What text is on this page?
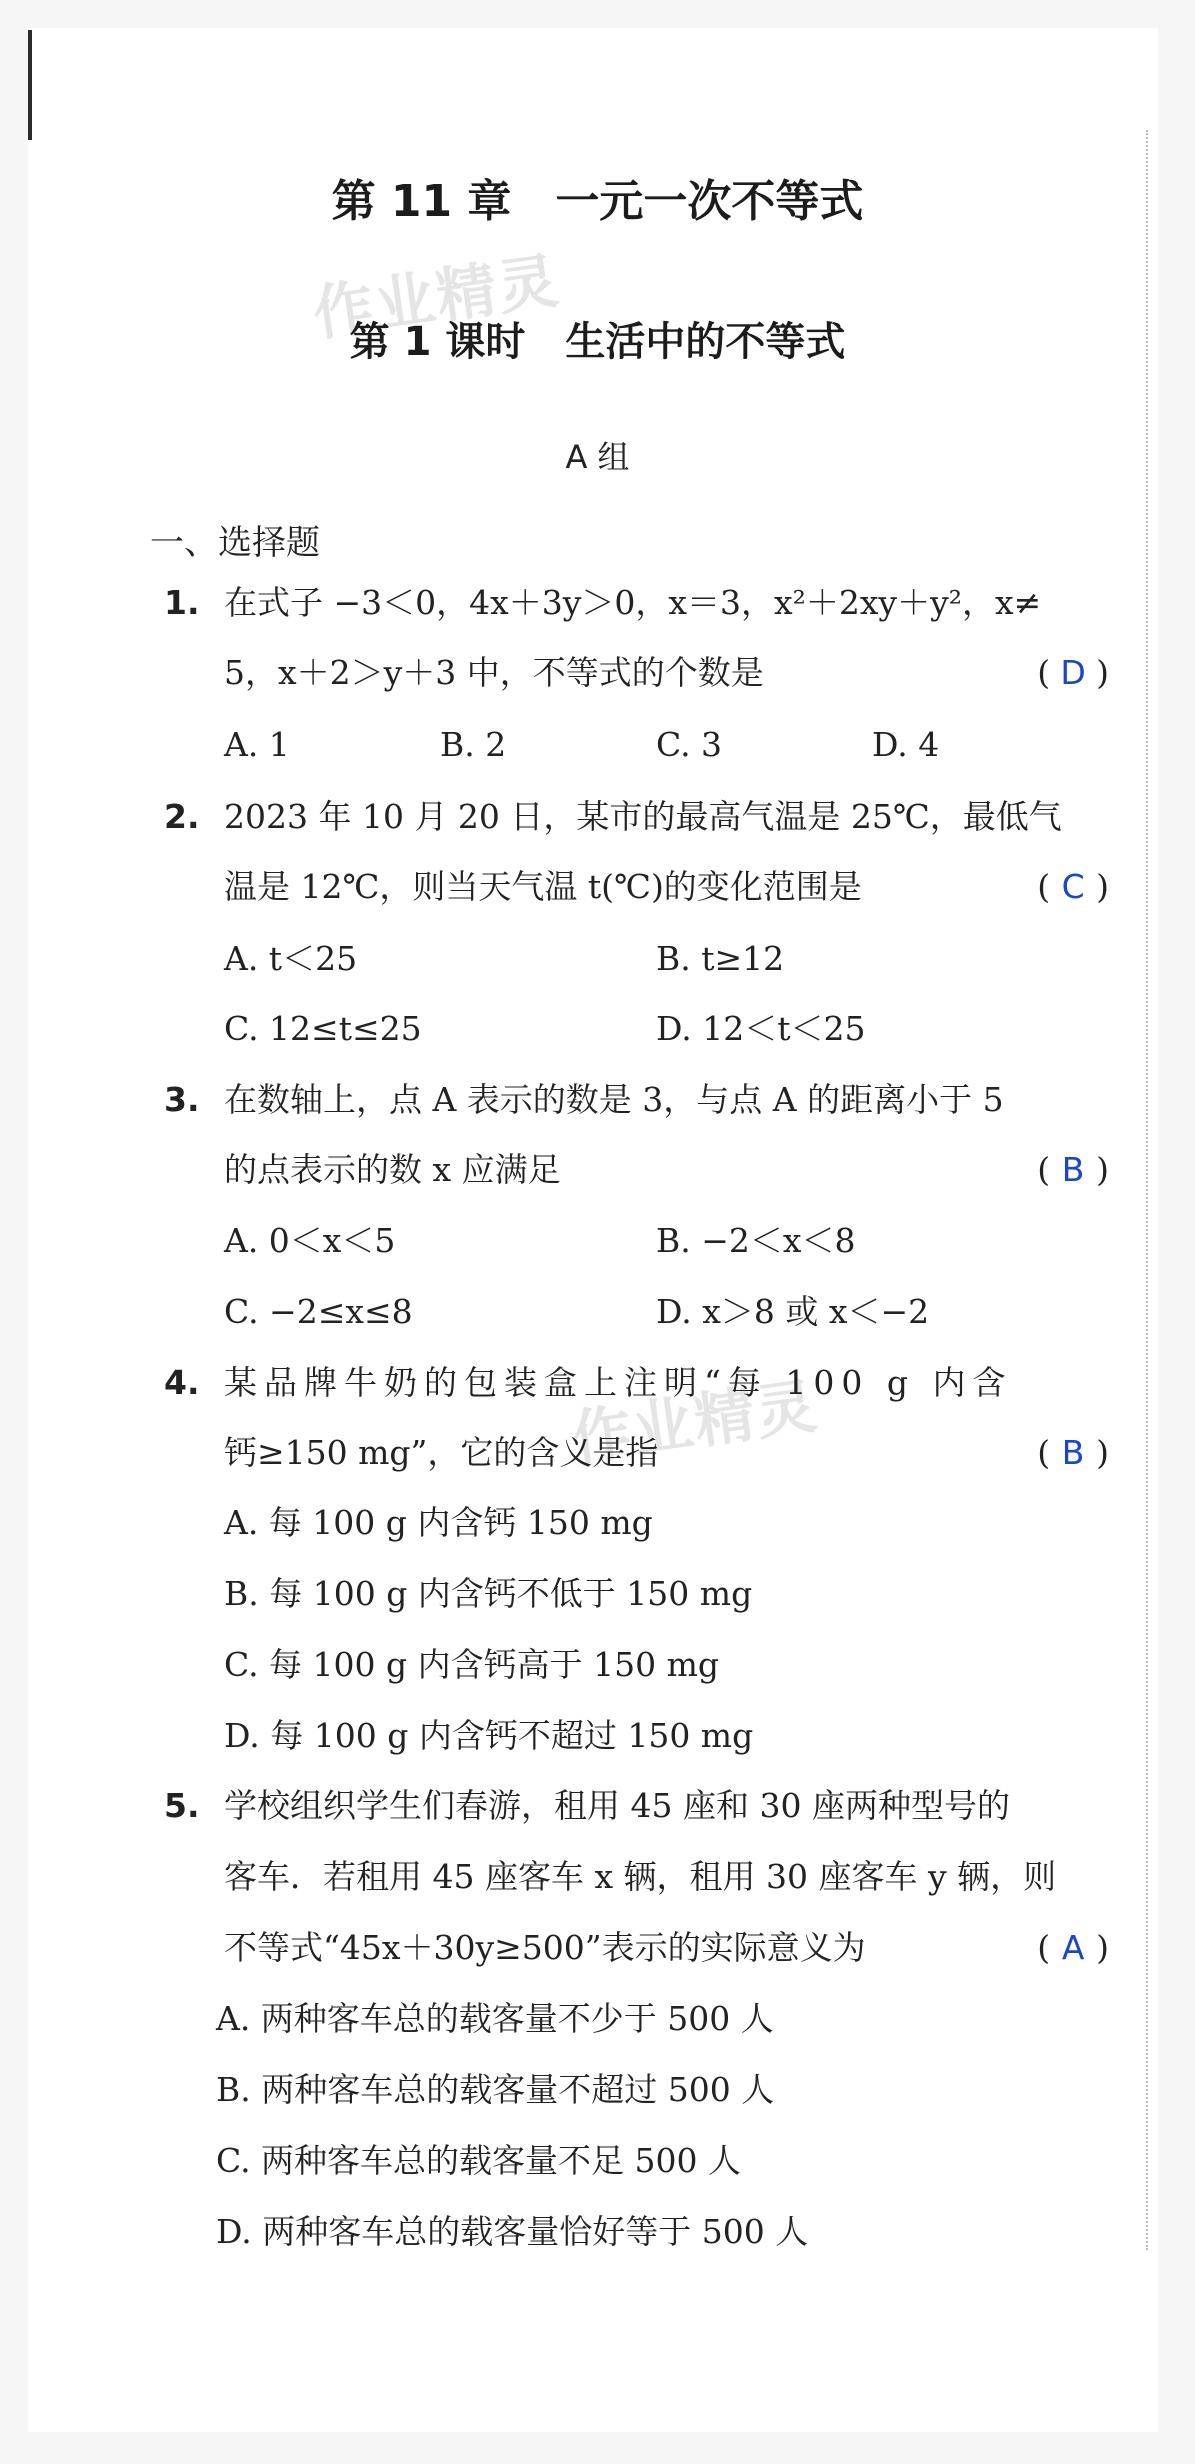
作业精灵
作业精灵
第 11 章　一元一次不等式
第 1 课时　生活中的不等式
A 组
一、选择题
1. 在式子 −3＜0，4x＋3y＞0，x＝3，x²＋2xy＋y²，x≠
5，x＋2＞y＋3 中，不等式的个数是	( D )
A. 1	B. 2	C. 3	D. 4
2. 2023 年 10 月 20 日，某市的最高气温是 25℃，最低气
温是 12℃，则当天气温 t(℃)的变化范围是	( C )
A. t＜25	B. t≥12
C. 12≤t≤25	D. 12＜t＜25
3. 在数轴上，点 A 表示的数是 3，与点 A 的距离小于 5
的点表示的数 x 应满足	( B )
A. 0＜x＜5	B. −2＜x＜8
C. −2≤x≤8	D. x＞8 或 x＜−2
4. 某品牌牛奶的包装盒上注明“每 100 g 内含
钙≥150 mg”，它的含义是指	( B )
A. 每 100 g 内含钙 150 mg
B. 每 100 g 内含钙不低于 150 mg
C. 每 100 g 内含钙高于 150 mg
D. 每 100 g 内含钙不超过 150 mg
5. 学校组织学生们春游，租用 45 座和 30 座两种型号的
客车．若租用 45 座客车 x 辆，租用 30 座客车 y 辆，则
不等式“45x＋30y≥500”表示的实际意义为	( A )
A. 两种客车总的载客量不少于 500 人
B. 两种客车总的载客量不超过 500 人
C. 两种客车总的载客量不足 500 人
D. 两种客车总的载客量恰好等于 500 人
